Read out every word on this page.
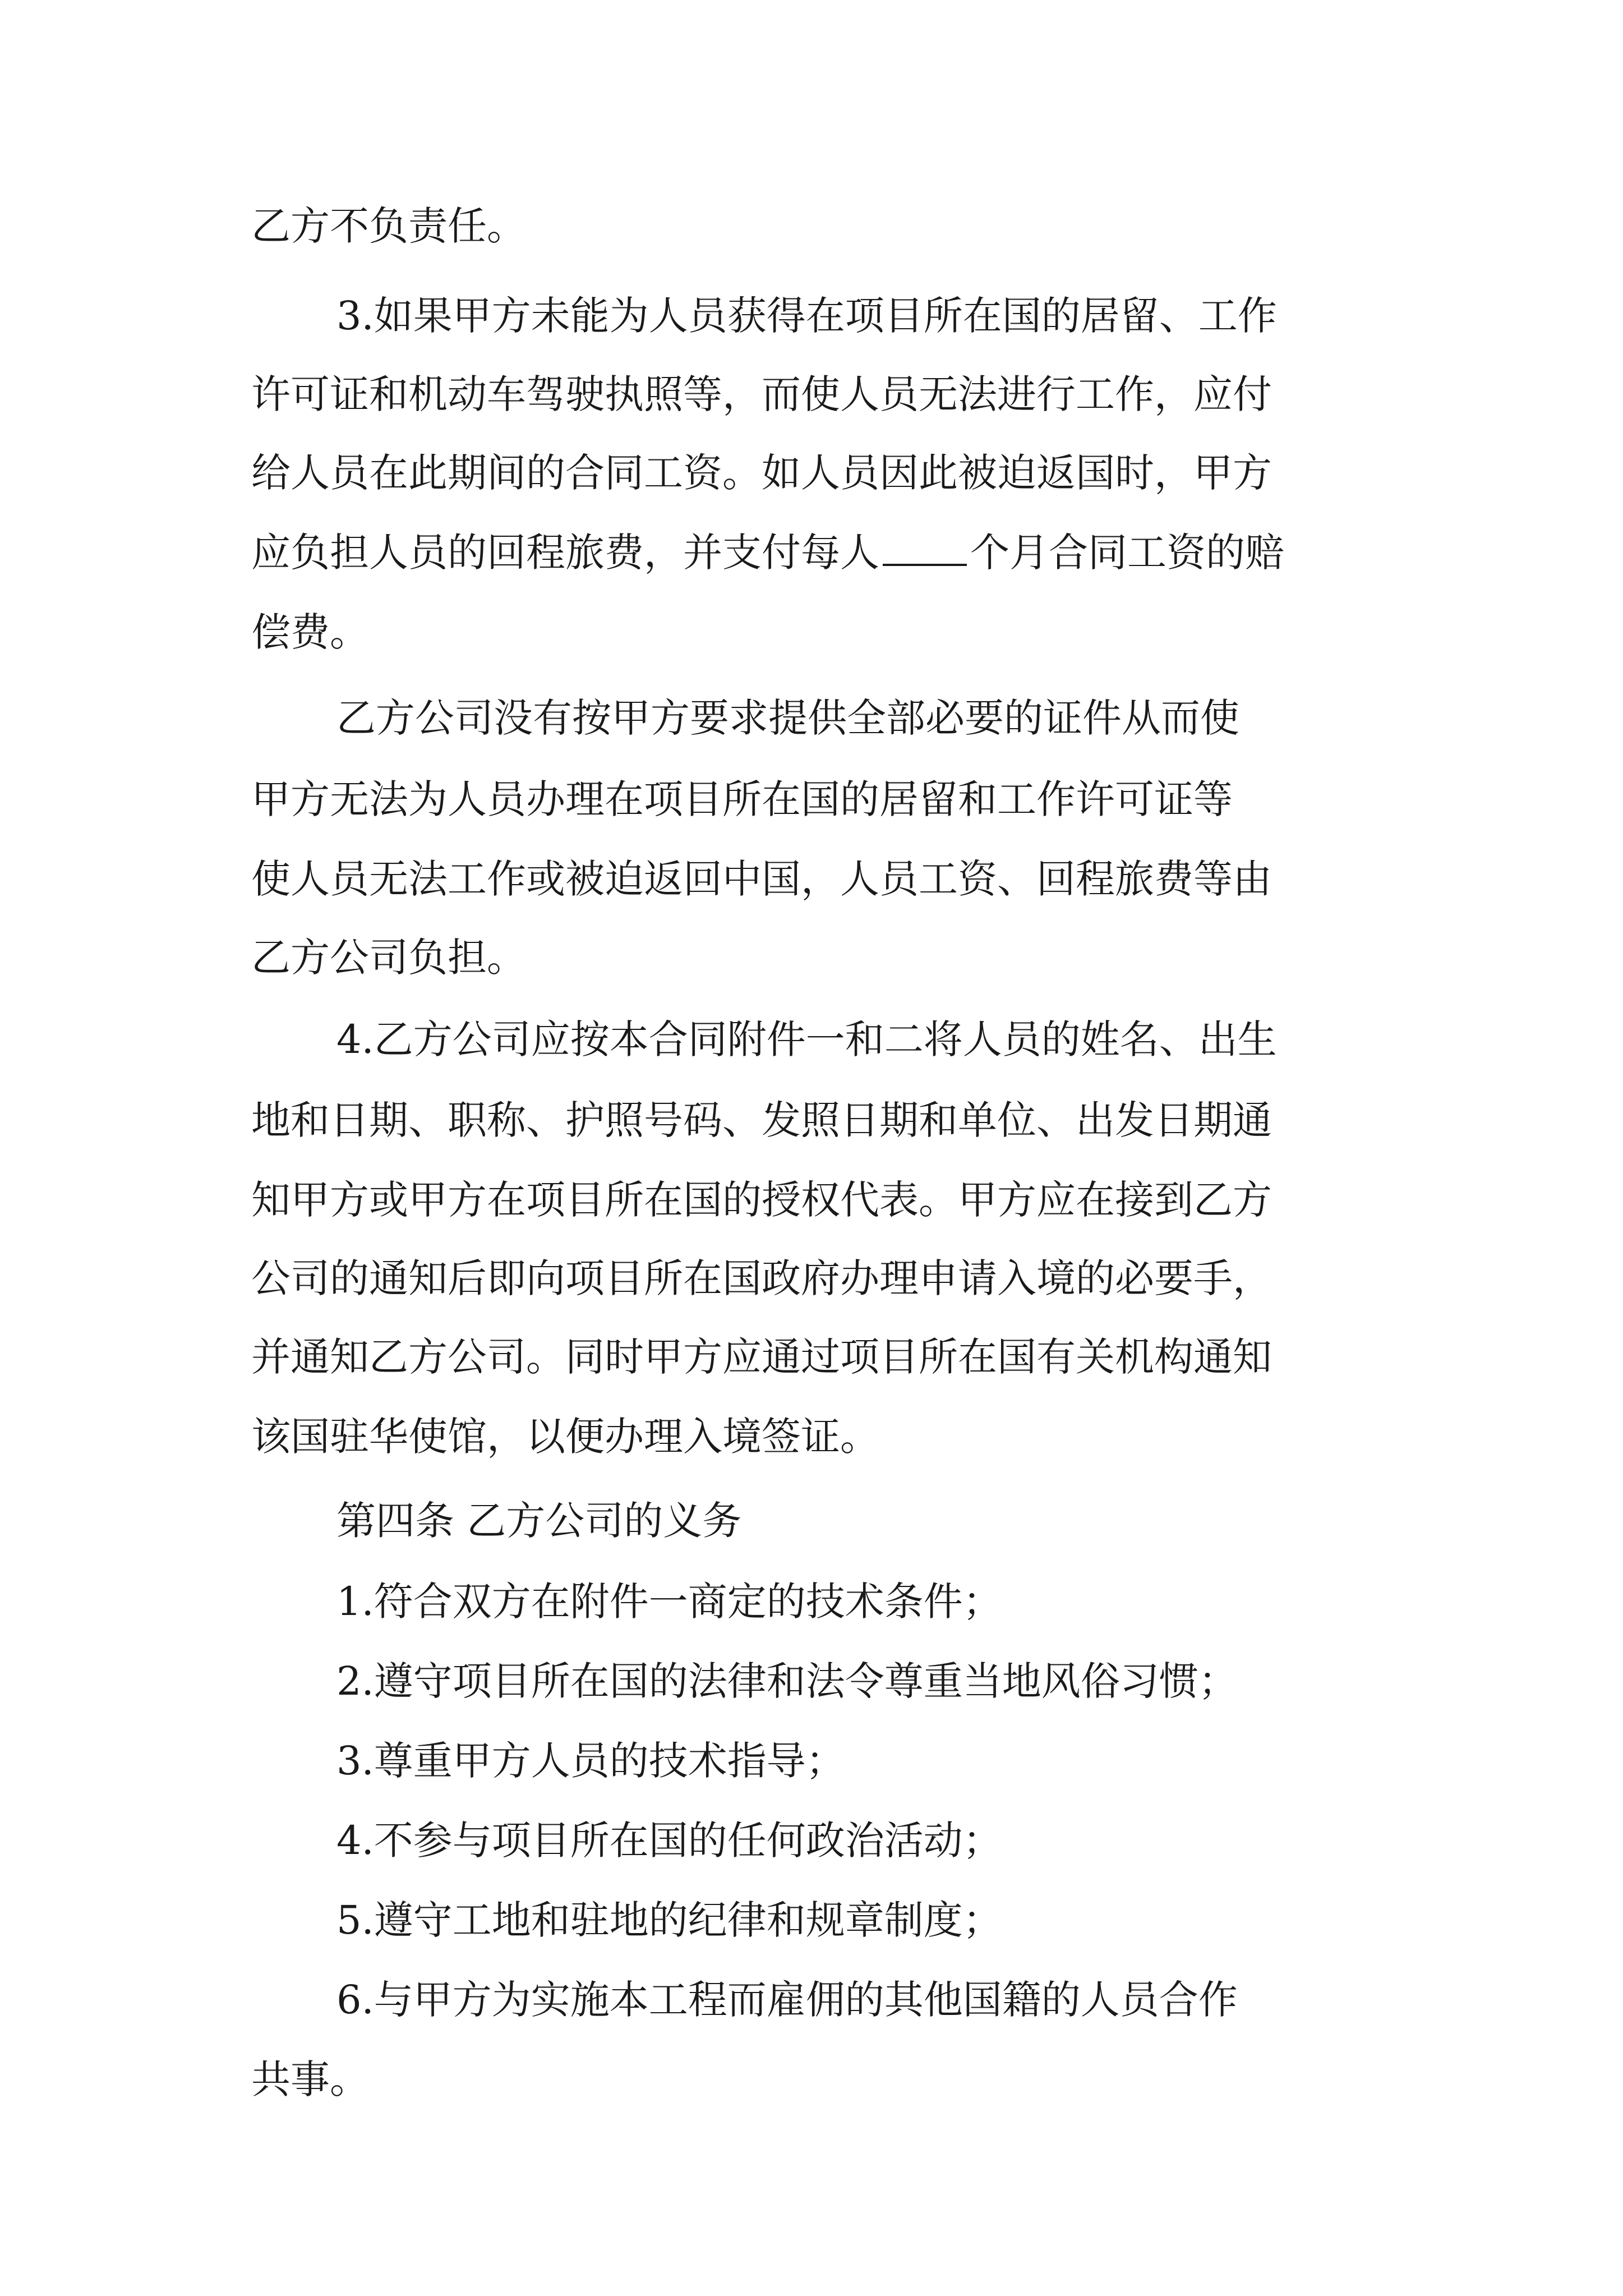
乙方不负责任。
3.如果甲方未能为人员获得在项目所在国的居留、工作
许可证和机动车驾驶执照等，而使人员无法进行工作，应付
给人员在此期间的合同工资。如人员因此被迫返国时，甲方
应负担人员的回程旅费，并支付每人 个月合同工资的赔
偿费。
乙方公司没有按甲方要求提供全部必要的证件从而使
甲方无法为人员办理在项目所在国的居留和工作许可证等
使人员无法工作或被迫返回中国，人员工资、回程旅费等由
乙方公司负担。
4.乙方公司应按本合同附件一和二将人员的姓名、出生
地和日期、职称、护照号码、发照日期和单位、出发日期通
知甲方或甲方在项目所在国的授权代表。甲方应在接到乙方
公司的通知后即向项目所在国政府办理申请入境的必要手，
并通知乙方公司。同时甲方应通过项目所在国有关机构通知
该国驻华使馆，以便办理入境签证。
第四条 乙方公司的义务
1.符合双方在附件一商定的技术条件；
2.遵守项目所在国的法律和法令尊重当地风俗习惯；
3.尊重甲方人员的技术指导；
4.不参与项目所在国的任何政治活动；
5.遵守工地和驻地的纪律和规章制度；
6.与甲方为实施本工程而雇佣的其他国籍的人员合作
共事。
